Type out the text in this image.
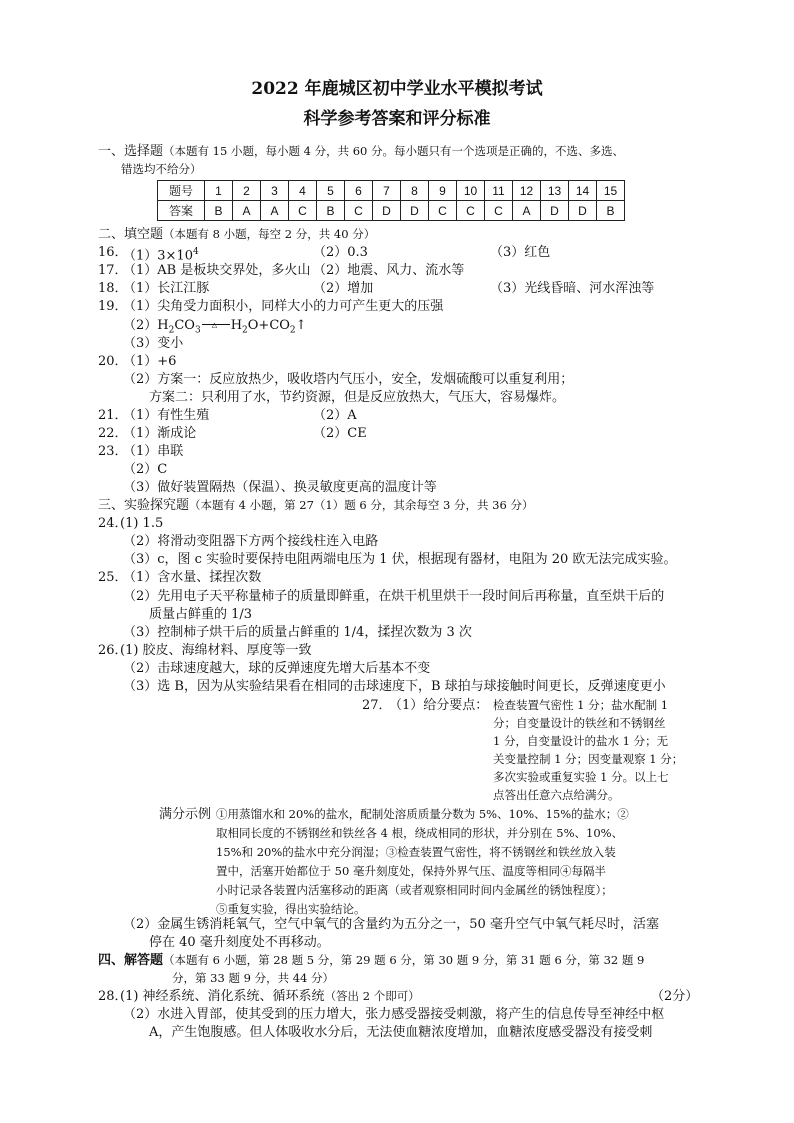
2022 年鹿城区初中学业水平模拟考试
科学参考答案和评分标准
一、选择题（本题有 15 小题，每小题 4 分，共 60 分。每小题只有一个选项是正确的，不选、多选、
错选均不给分）
题号	1	2	3	4	5	6	7	8	9	10	11	12	13	14	15
答案	B	A	A	C	B	C	D	D	C	C	C	A	D	D	B
二、填空题（本题有 8 小题，每空 2 分，共 40 分）
16．
$(1)3\times 10^4$	（2）0.3	（3）红色
17．
（1）AB 是板块交界处，多火山 （2）地震、风力、流水等
18．
（1）长江江豚	（2）增加	（3）光线昏暗、河水浑浊等
19．
（1）尖角受力面积小，同样大小的力可产生更大的压强
$(2)H_2CO_3$
△ $H_2O+CO_2↑$
（3）变小
20．
（1）+6
（2）方案一：反应放热少，吸收塔内气压小，安全，发烟硫酸可以重复利用；
方案二：只利用了水，节约资源，但是反应放热大，气压大，容易爆炸。
21．
（1）有性生殖	（2）A
22．
（1）渐成论	（2）CE
23．
（1）串联
（2）C
（3）做好装置隔热（保温）、换灵敏度更高的温度计等
三、实验探究题（本题有 4 小题，第 27（1）题 6 分，其余每空 3 分，共 36 分）
24．
(1) 1.5
（2）将滑动变阻器下方两个接线柱连入电路
（3）c，图 c 实验时要保持电阻两端电压为 1 伏，根据现有器材，电阻为 20 欧无法完成实验。
25．
（1）含水量、揉捏次数
（2）先用电子天平称量柿子的质量即鲜重，在烘干机里烘干一段时间后再称量，直至烘干后的
质量占鲜重的 1/3
（3）控制柿子烘干后的质量占鲜重的 1/4，揉捏次数为 3 次
26．
(1) 胶皮、海绵材料、厚度等一致
（2）击球速度越大，球的反弹速度先增大后基本不变
（3）选 B，因为从实验结果看在相同的击球速度下，B 球拍与球接触时间更长，反弹速度更小
27．
（1）给分要点： 检查装置气密性 1 分；盐水配制 1
分；自变量设计的铁丝和不锈钢丝
1 分，自变量设计的盐水 1 分；无
关变量控制 1 分；因变量观察 1 分；
多次实验或重复实验 1 分。以上七
点答出任意六点给满分。
满分示例 ①用蒸馏水和 20%的盐水，配制处溶质质量分数为 5%、10%、15%的盐水；②
取相同长度的不锈钢丝和铁丝各 4 根，绕成相同的形状，并分别在 5%、10%、
15%和 20%的盐水中充分润湿；③检查装置气密性，将不锈钢丝和铁丝放入装
置中，活塞开始都位于 50 毫升刻度处，保持外界气压、温度等相同④每隔半
小时记录各装置内活塞移动的距离（或者观察相同时间内金属丝的锈蚀程度）；
⑤重复实验，得出实验结论。
（2）金属生锈消耗氧气，空气中氧气的含量约为五分之一，50 毫升空气中氧气耗尽时，活塞
停在 40 毫升刻度处不再移动。
四、解答题（本题有 6 小题，第 28 题 5 分，第 29 题 6 分，第 30 题 9 分，第 31 题 6 分，第 32 题 9
分，第 33 题 9 分，共 44 分）
28．
(1) 神经系统、消化系统、循环系统（答出 2 个即可）	（2分）
（2）水进入胃部，使其受到的压力增大，张力感受器接受刺激，将产生的信息传导至神经中枢
A，产生饱腹感。但人体吸收水分后，无法使血糖浓度增加，血糖浓度感受器没有接受刺
